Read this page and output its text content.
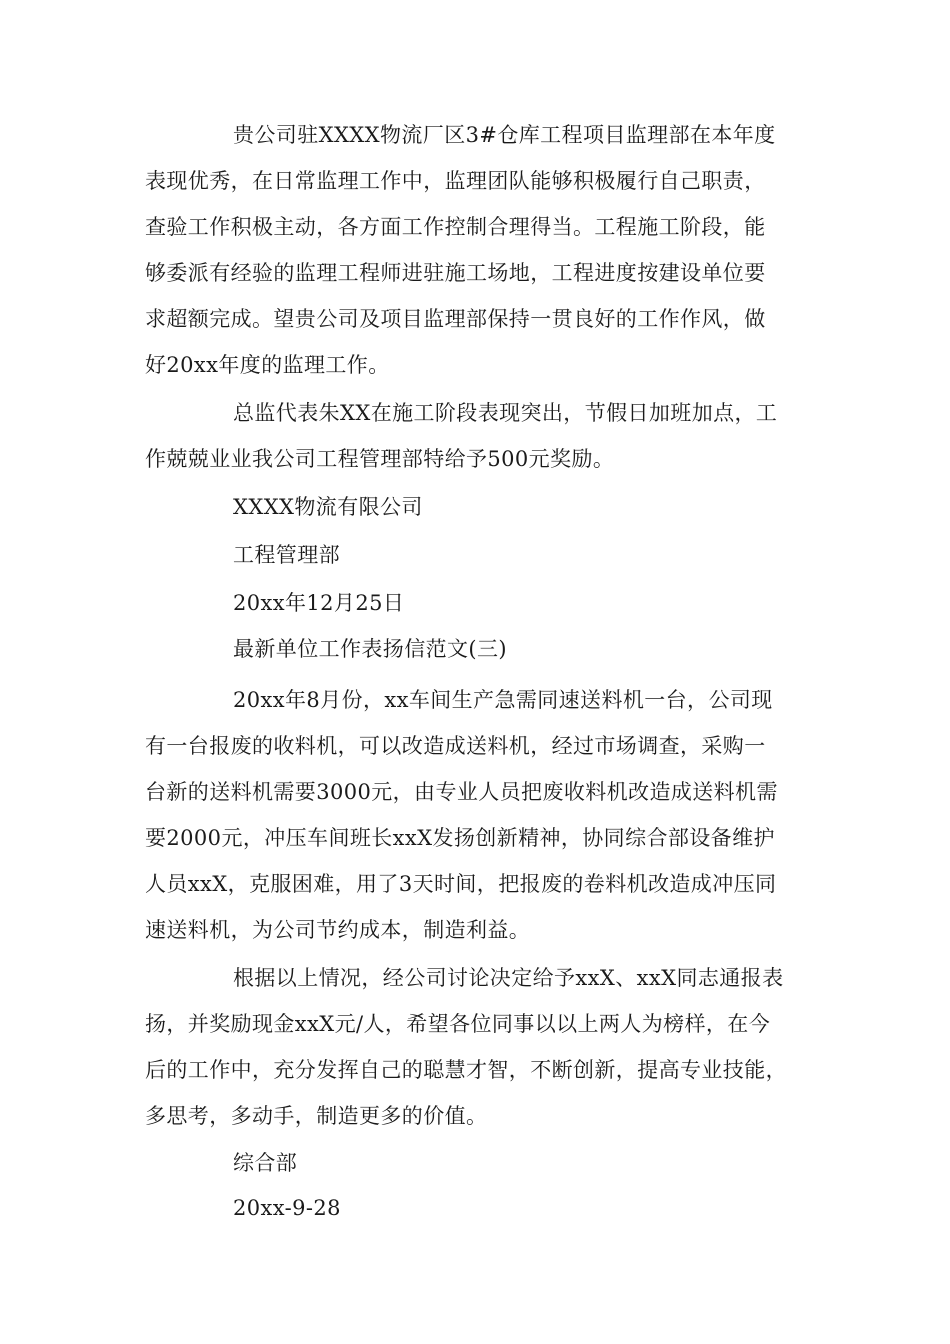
贵公司驻XXXX物流厂区3#仓库工程项目监理部在本年度
表现优秀，在日常监理工作中，监理团队能够积极履行自己职责，
查验工作积极主动，各方面工作控制合理得当。工程施工阶段，能
够委派有经验的监理工程师进驻施工场地，工程进度按建设单位要
求超额完成。望贵公司及项目监理部保持一贯良好的工作作风，做
好20xx年度的监理工作。
总监代表朱XX在施工阶段表现突出，节假日加班加点，工
作兢兢业业我公司工程管理部特给予500元奖励。
XXXX物流有限公司
工程管理部
20xx年12月25日
最新单位工作表扬信范文(三)
20xx年8月份，xx车间生产急需同速送料机一台，公司现
有一台报废的收料机，可以改造成送料机，经过市场调查，采购一
台新的送料机需要3000元，由专业人员把废收料机改造成送料机需
要2000元，冲压车间班长xxX发扬创新精神，协同综合部设备维护
人员xxX，克服困难，用了3天时间，把报废的卷料机改造成冲压同
速送料机，为公司节约成本，制造利益。
根据以上情况，经公司讨论决定给予xxX、xxX同志通报表
扬，并奖励现金xxX元/人，希望各位同事以以上两人为榜样，在今
后的工作中，充分发挥自己的聪慧才智，不断创新，提高专业技能，
多思考，多动手，制造更多的价值。
综合部
20xx-9-28
